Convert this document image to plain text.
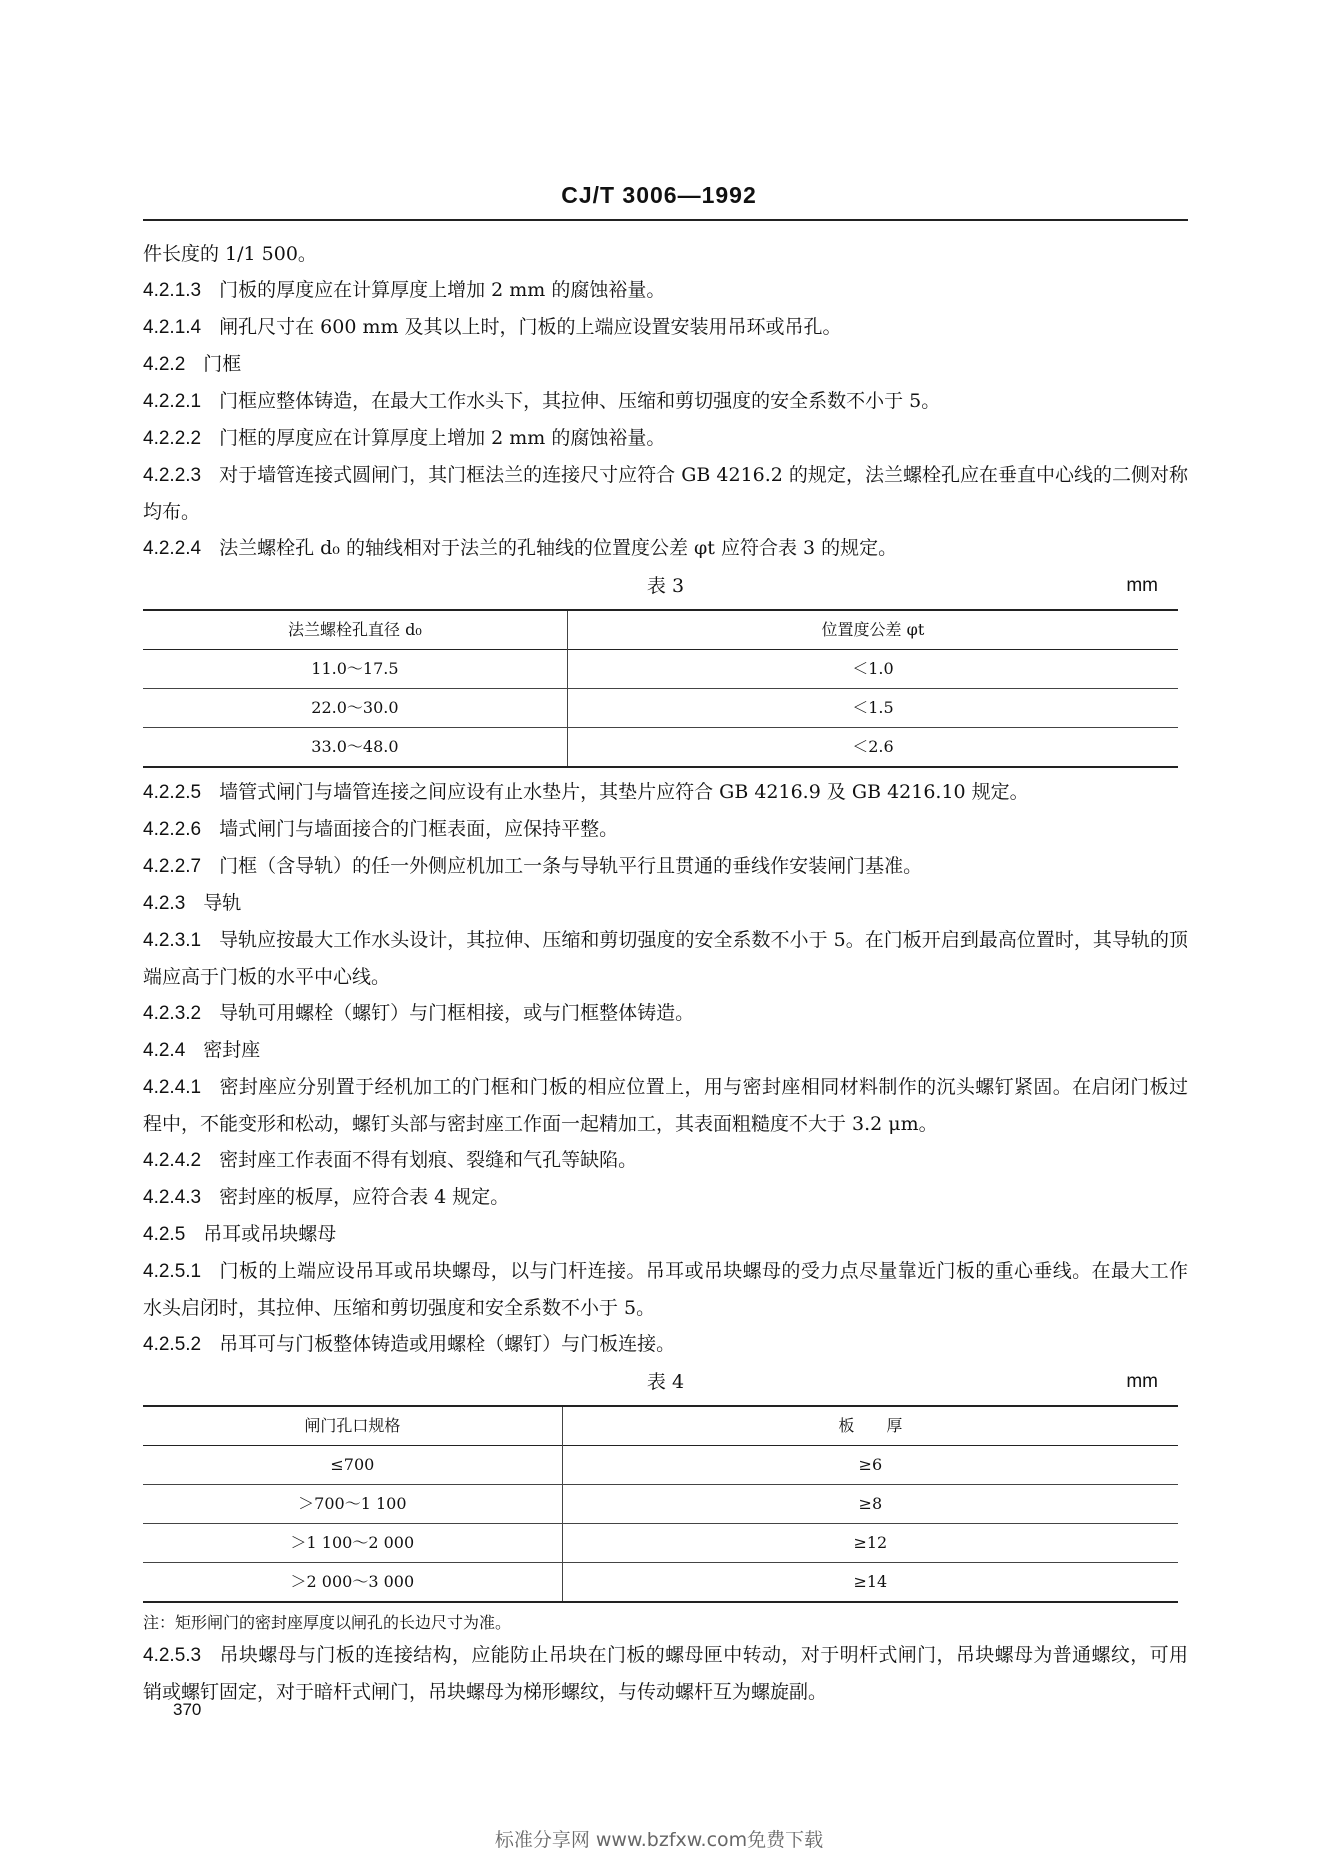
CJ/T 3006—1992

件长度的 1/1 500。

4.2.1.3 门板的厚度应在计算厚度上增加 2 mm 的腐蚀裕量。

4.2.1.4 闸孔尺寸在 600 mm 及其以上时，门板的上端应设置安装用吊环或吊孔。

4.2.2 门框

4.2.2.1 门框应整体铸造，在最大工作水头下，其拉伸、压缩和剪切强度的安全系数不小于 5。

4.2.2.2 门框的厚度应在计算厚度上增加 2 mm 的腐蚀裕量。

4.2.2.3 对于墙管连接式圆闸门，其门框法兰的连接尺寸应符合 GB 4216.2 的规定，法兰螺栓孔应在垂直中心线的二侧对称均布。

4.2.2.4 法兰螺栓孔 d₀ 的轴线相对于法兰的孔轴线的位置度公差 φt 应符合表 3 的规定。

表 3	mm
法兰螺栓孔直径 d₀	位置度公差 φt
11.0～17.5	＜1.0
22.0～30.0	＜1.5
33.0～48.0	＜2.6

4.2.2.5 墙管式闸门与墙管连接之间应设有止水垫片，其垫片应符合 GB 4216.9 及 GB 4216.10 规定。

4.2.2.6 墙式闸门与墙面接合的门框表面，应保持平整。

4.2.2.7 门框（含导轨）的任一外侧应机加工一条与导轨平行且贯通的垂线作安装闸门基准。

4.2.3 导轨

4.2.3.1 导轨应按最大工作水头设计，其拉伸、压缩和剪切强度的安全系数不小于 5。在门板开启到最高位置时，其导轨的顶端应高于门板的水平中心线。

4.2.3.2 导轨可用螺栓（螺钉）与门框相接，或与门框整体铸造。

4.2.4 密封座

4.2.4.1 密封座应分别置于经机加工的门框和门板的相应位置上，用与密封座相同材料制作的沉头螺钉紧固。在启闭门板过程中，不能变形和松动，螺钉头部与密封座工作面一起精加工，其表面粗糙度不大于 3.2 μm。

4.2.4.2 密封座工作表面不得有划痕、裂缝和气孔等缺陷。

4.2.4.3 密封座的板厚，应符合表 4 规定。

4.2.5 吊耳或吊块螺母

4.2.5.1 门板的上端应设吊耳或吊块螺母，以与门杆连接。吊耳或吊块螺母的受力点尽量靠近门板的重心垂线。在最大工作水头启闭时，其拉伸、压缩和剪切强度和安全系数不小于 5。

4.2.5.2 吊耳可与门板整体铸造或用螺栓（螺钉）与门板连接。

表 4	mm
闸门孔口规格	板　　厚
≤700	≥6
＞700～1 100	≥8
＞1 100～2 000	≥12
＞2 000～3 000	≥14

注：矩形闸门的密封座厚度以闸孔的长边尺寸为准。

4.2.5.3 吊块螺母与门板的连接结构，应能防止吊块在门板的螺母匣中转动，对于明杆式闸门，吊块螺母为普通螺纹，可用销或螺钉固定，对于暗杆式闸门，吊块螺母为梯形螺纹，与传动螺杆互为螺旋副。

370
标准分享网 www.bzfxw.com免费下载
